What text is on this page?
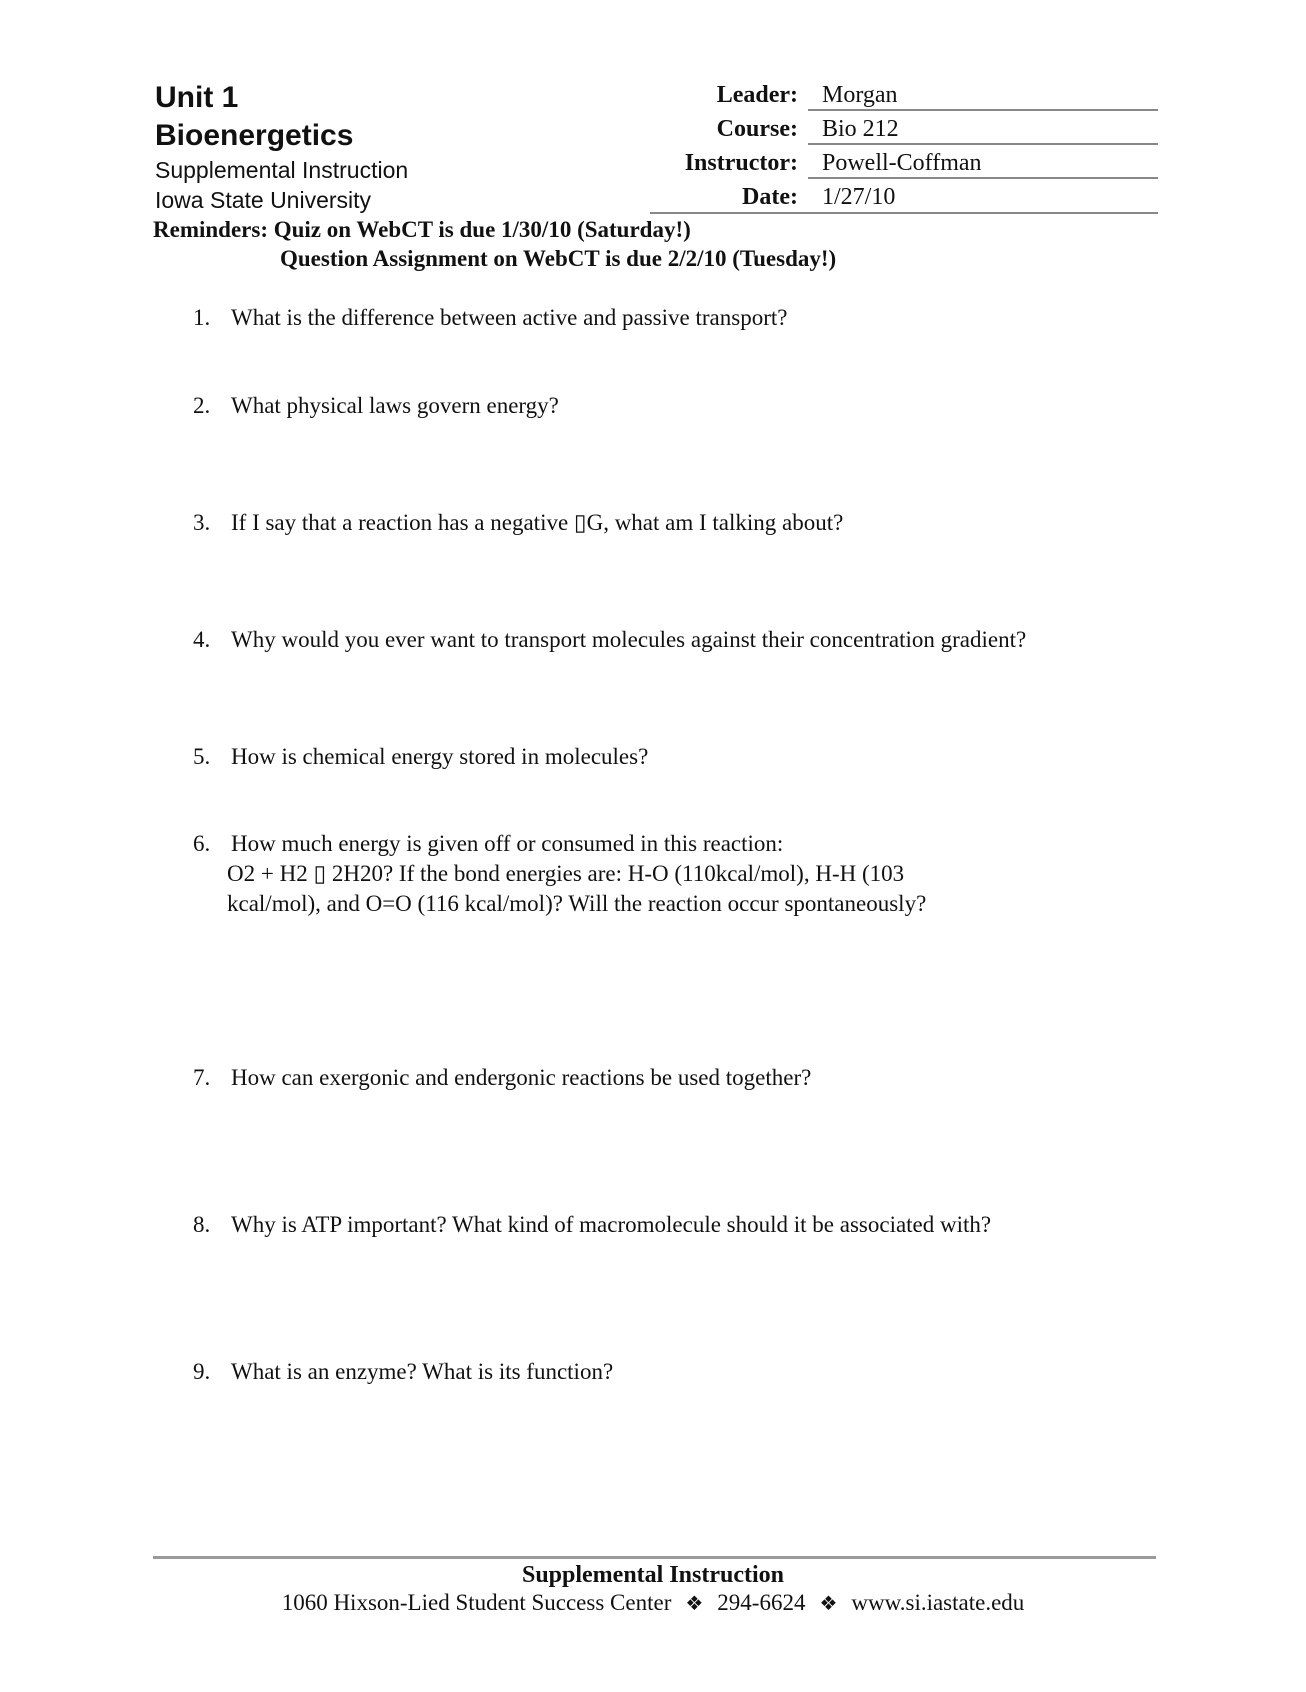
Unit 1
Bioenergetics
Supplemental Instruction
Iowa State University
Leader: Morgan
Course: Bio 212
Instructor: Powell-Coffman
Date: 1/27/10
Reminders: Quiz on WebCT is due 1/30/10 (Saturday!)
Question Assignment on WebCT is due 2/2/10 (Tuesday!)
1. What is the difference between active and passive transport?
2. What physical laws govern energy?
3. If I say that a reaction has a negative ▯G, what am I talking about?
4. Why would you ever want to transport molecules against their concentration gradient?
5. How is chemical energy stored in molecules?
6. How much energy is given off or consumed in this reaction:
O2 + H2 ▯ 2H20? If the bond energies are: H-O (110kcal/mol), H-H (103
kcal/mol), and O=O (116 kcal/mol)? Will the reaction occur spontaneously?
7. How can exergonic and endergonic reactions be used together?
8. Why is ATP important? What kind of macromolecule should it be associated with?
9. What is an enzyme? What is its function?
Supplemental Instruction
1060 Hixson-Lied Student Success Center ❖ 294-6624 ❖ www.si.iastate.edu
